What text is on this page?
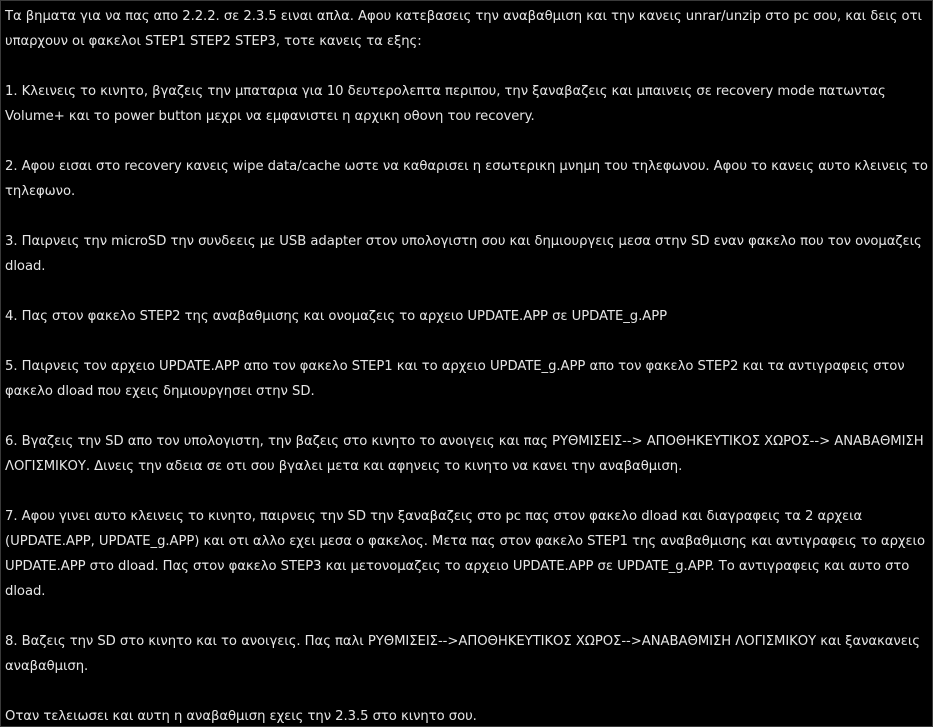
Τα βηματα για να πας απο 2.2.2. σε 2.3.5 ειναι απλα. Αφου κατεβασεις την αναβαθμιση και την κανεις unrar/unzip στο pc σου, και δεις οτι υπαρχουν οι φακελοι STEP1 STEP2 STEP3, τοτε κανεις τα εξης:

1. Κλεινεις το κινητο, βγαζεις την μπαταρια για 10 δευτερολεπτα περιπου, την ξαναβαζεις και μπαινεις σε recovery mode πατωντας Volume+ και το power button μεχρι να εμφανιστει η αρχικη οθονη του recovery.

2. Αφου εισαι στο recovery κανεις wipe data/cache ωστε να καθαρισει η εσωτερικη μνημη του τηλεφωνου. Αφου το κανεις αυτο κλεινεις το τηλεφωνο.

3. Παιρνεις την microSD την συνδεεις με USB adapter στον υπολογιστη σου και δημιουργεις μεσα στην SD εναν φακελο που τον ονομαζεις dload.

4. Πας στον φακελο STEP2 της αναβαθμισης και ονομαζεις το αρχειο UPDATE.APP σε UPDATE_g.APP

5. Παιρνεις τον αρχειο UPDATE.APP απο τον φακελο STEP1 και το αρχειο UPDATE_g.APP απο τον φακελο STEP2 και τα αντιγραφεις στον φακελο dload που εχεις δημιουργησει στην SD.

6. Βγαζεις την SD απο τον υπολογιστη, την βαζεις στο κινητο το ανοιγεις και πας ΡΥΘΜΙΣΕΙΣ--> ΑΠΟΘΗΚΕΥΤΙΚΟΣ ΧΩΡΟΣ--> ΑΝΑΒΑΘΜΙΣΗ ΛΟΓΙΣΜΙΚΟΥ. Δινεις την αδεια σε οτι σου βγαλει μετα και αφηνεις το κινητο να κανει την αναβαθμιση.

7. Αφου γινει αυτο κλεινεις το κινητο, παιρνεις την SD την ξαναβαζεις στο pc πας στον φακελο dload και διαγραφεις τα 2 αρχεια (UPDATE.APP, UPDATE_g.APP) και οτι αλλο εχει μεσα ο φακελος. Μετα πας στον φακελο STEP1 της αναβαθμισης και αντιγραφεις το αρχειο UPDATE.APP στο dload. Πας στον φακελο STEP3 και μετονομαζεις το αρχειο UPDATE.APP σε UPDATE_g.APP. Το αντιγραφεις και αυτο στο dload.

8. Βαζεις την SD στο κινητο και το ανοιγεις. Πας παλι ΡΥΘΜΙΣΕΙΣ-->ΑΠΟΘΗΚΕΥΤΙΚΟΣ ΧΩΡΟΣ-->ΑΝΑΒΑΘΜΙΣΗ ΛΟΓΙΣΜΙΚΟΥ και ξανακανεις αναβαθμιση.

Οταν τελειωσει και αυτη η αναβαθμιση εχεις την 2.3.5 στο κινητο σου.
